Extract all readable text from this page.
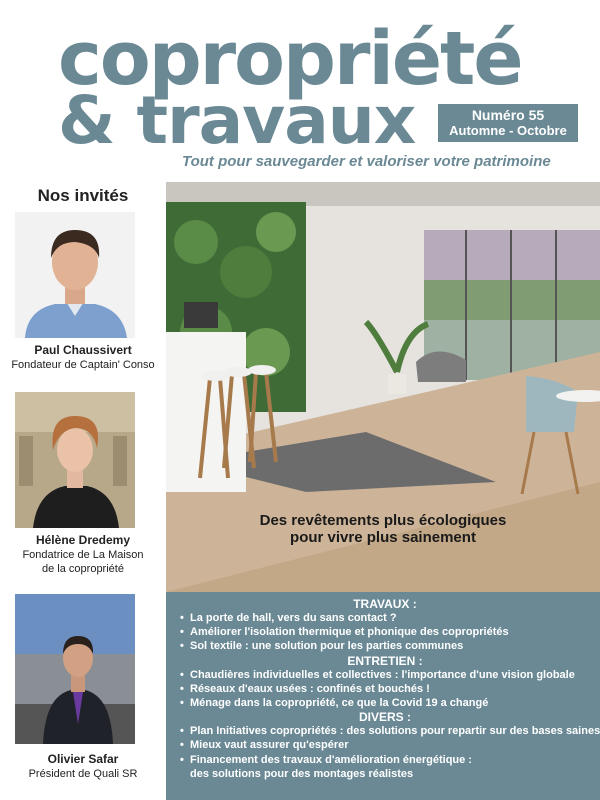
copropriété
& travaux	Numéro 55
Automne - Octobre 2020
Tout pour sauvegarder et valoriser votre patrimoine
Nos invités
Paul Chaussivert
Fondateur de Captain' Conso
Hélène Dredemy
Fondatrice de La Maison
de la copropriété
Olivier Safar
Président de Quali SR
Des revêtements plus écologiques
pour vivre plus sainement
TRAVAUX :
• La porte de hall, vers du sans contact ?
• Améliorer l'isolation thermique et phonique des copropriétés
• Sol textile : une solution pour les parties communes
ENTRETIEN :
• Chaudières individuelles et collectives : l'importance d'une vision globale
• Réseaux d'eaux usées : confinés et bouchés !
• Ménage dans la copropriété, ce que la Covid 19 a changé
DIVERS :
• Plan Initiatives copropriétés : des solutions pour repartir sur des bases saines
• Mieux vaut assurer qu'espérer
• Financement des travaux d'amélioration énergétique :
des solutions pour des montages réalistes
